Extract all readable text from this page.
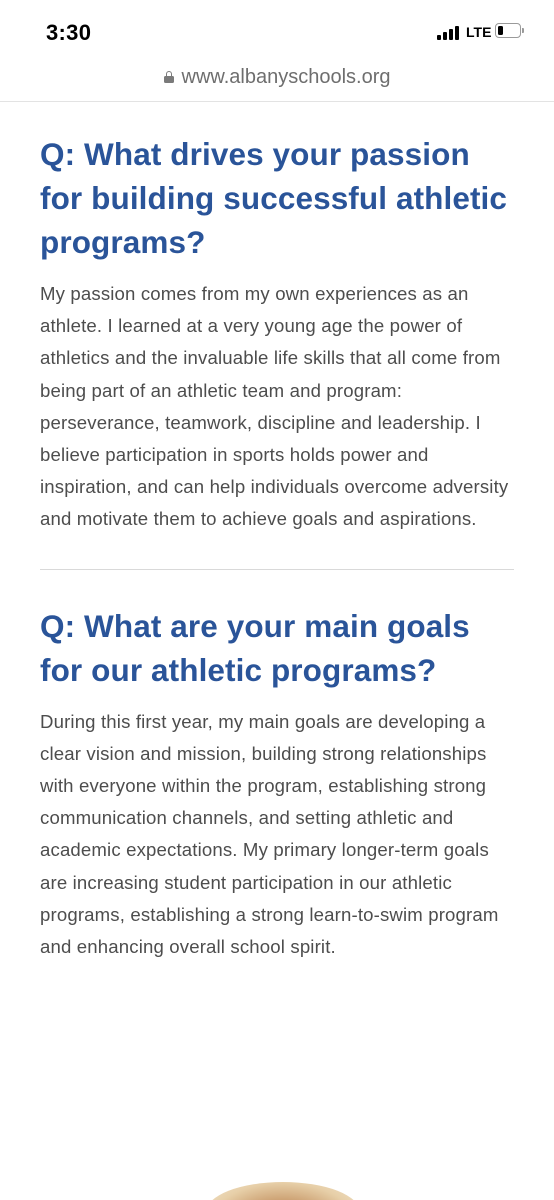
3:30	LTE
www.albanyschools.org
Q: What drives your passion for building successful athletic programs?

My passion comes from my own experiences as an athlete. I learned at a very young age the power of athletics and the invaluable life skills that all come from being part of an athletic team and program: perseverance, teamwork, discipline and leadership. I believe participation in sports holds power and inspiration, and can help individuals overcome adversity and motivate them to achieve goals and aspirations.

Q: What are your main goals for our athletic programs?

During this first year, my main goals are developing a clear vision and mission, building strong relationships with everyone within the program, establishing strong communication channels, and setting athletic and academic expectations. My primary longer-term goals are increasing student participation in our athletic programs, establishing a strong learn-to-swim program and enhancing overall school spirit.
